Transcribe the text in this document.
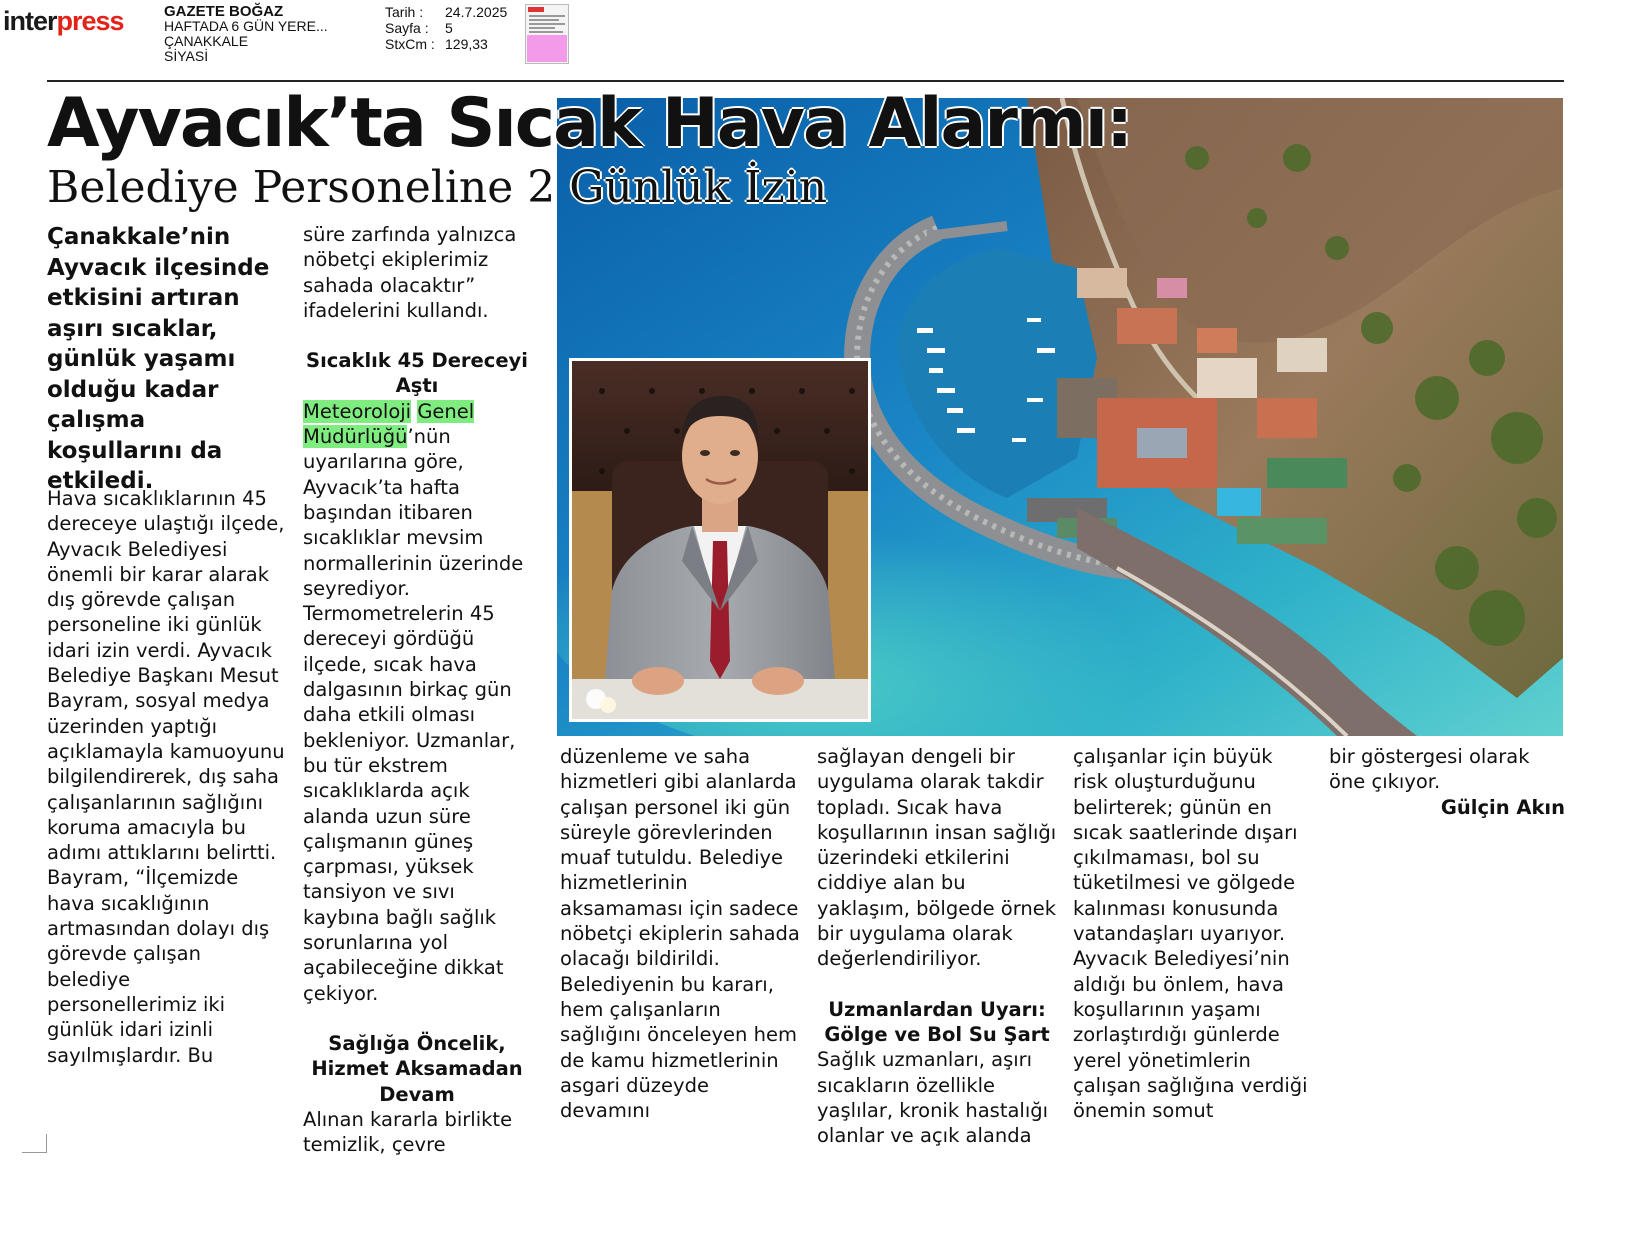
interpress	GAZETE BOĞAZ
HAFTADA 6 GÜN YERE...
ÇANAKKALE
SİYASİ
Tarih :	24.7.2025
Sayfa :	5
StxCm : 129,33
Ayvacık’ta Sıcak Hava Alarmı:
Belediye Personeline 2 Günlük İzin
Çanakkale’nin Ayvacık ilçesinde etkisini artıran aşırı sıcaklar, günlük yaşamı olduğu kadar çalışma koşullarını da etkiledi.

Hava sıcaklıklarının 45 dereceye ulaştığı ilçede, Ayvacık Belediyesi önemli bir karar alarak dış görevde çalışan personeline iki günlük idari izin verdi. Ayvacık Belediye Başkanı Mesut Bayram, sosyal medya üzerinden yaptığı açıklamayla kamuoyunu bilgilendirerek, dış saha çalışanlarının sağlığını koruma amacıyla bu adımı attıklarını belirtti. Bayram, “İlçemizde hava sıcaklığının artmasından dolayı dış görevde çalışan belediye personellerimiz iki günlük idari izinli sayılmışlardır. Bu

süre zarfında yalnızca nöbetçi ekiplerimiz sahada olacaktır” ifadelerini kullandı.

Sıcaklık 45 Dereceyi Aştı

Meteoroloji Genel Müdürlüğü’nün uyarılarına göre, Ayvacık’ta hafta başından itibaren sıcaklıklar mevsim normallerinin üzerinde seyrediyor. Termometrelerin 45 dereceyi gördüğü ilçede, sıcak hava dalgasının birkaç gün daha etkili olması bekleniyor. Uzmanlar, bu tür ekstrem sıcaklıklarda açık alanda uzun süre çalışmanın güneş çarpması, yüksek tansiyon ve sıvı kaybına bağlı sağlık sorunlarına yol açabileceğine dikkat çekiyor.

Sağlığa Öncelik, Hizmet Aksamadan Devam

Alınan kararla birlikte temizlik, çevre

düzenleme ve saha hizmetleri gibi alanlarda çalışan personel iki gün süreyle görevlerinden muaf tutuldu. Belediye hizmetlerinin aksamaması için sadece nöbetçi ekiplerin sahada olacağı bildirildi. Belediyenin bu kararı, hem çalışanların sağlığını önceleyen hem de kamu hizmetlerinin asgari düzeyde devamını

sağlayan dengeli bir uygulama olarak takdir topladı. Sıcak hava koşullarının insan sağlığı üzerindeki etkilerini ciddiye alan bu yaklaşım, bölgede örnek bir uygulama olarak değerlendiriliyor.

Uzmanlardan Uyarı: Gölge ve Bol Su Şart

Sağlık uzmanları, aşırı sıcakların özellikle yaşlılar, kronik hastalığı olanlar ve açık alanda

çalışanlar için büyük risk oluşturduğunu belirterek; günün en sıcak saatlerinde dışarı çıkılmaması, bol su tüketilmesi ve gölgede kalınması konusunda vatandaşları uyarıyor. Ayvacık Belediyesi’nin aldığı bu önlem, hava koşullarının yaşamı zorlaştırdığı günlerde yerel yönetimlerin çalışan sağlığına verdiği önemin somut

bir göstergesi olarak öne çıkıyor.

Gülçin Akın
